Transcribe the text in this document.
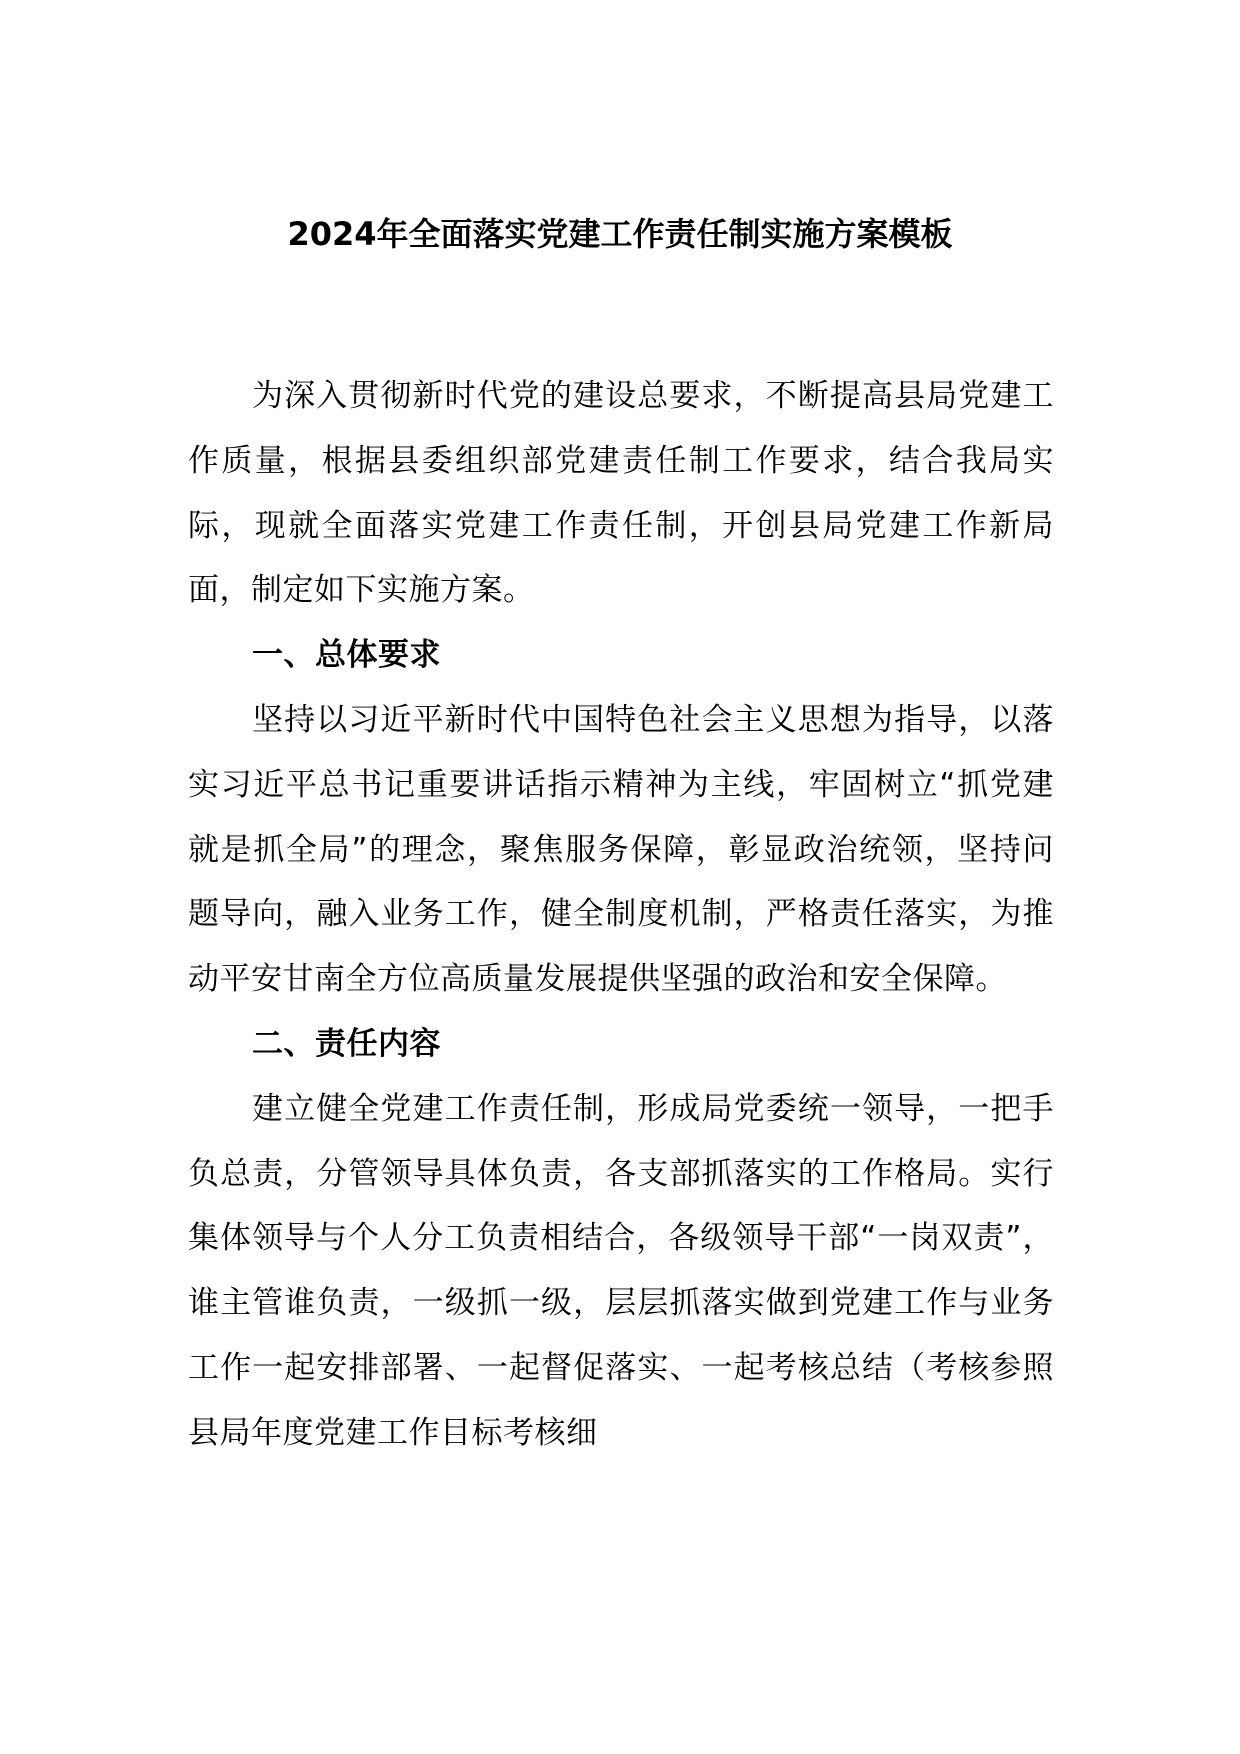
2024年全面落实党建工作责任制实施方案模板

为深入贯彻新时代党的建设总要求，不断提高县局党建工作质量，根据县委组织部党建责任制工作要求，结合我局实际，现就全面落实党建工作责任制，开创县局党建工作新局面，制定如下实施方案。

一、总体要求

坚持以习近平新时代中国特色社会主义思想为指导，以落实习近平总书记重要讲话指示精神为主线，牢固树立“抓党建就是抓全局”的理念，聚焦服务保障，彰显政治统领，坚持问题导向，融入业务工作，健全制度机制，严格责任落实，为推动平安甘南全方位高质量发展提供坚强的政治和安全保障。

二、责任内容

建立健全党建工作责任制，形成局党委统一领导，一把手负总责，分管领导具体负责，各支部抓落实的工作格局。实行集体领导与个人分工负责相结合，各级领导干部“一岗双责”，谁主管谁负责，一级抓一级，层层抓落实做到党建工作与业务工作一起安排部署、一起督促落实、一起考核总结（考核参照县局年度党建工作目标考核细
